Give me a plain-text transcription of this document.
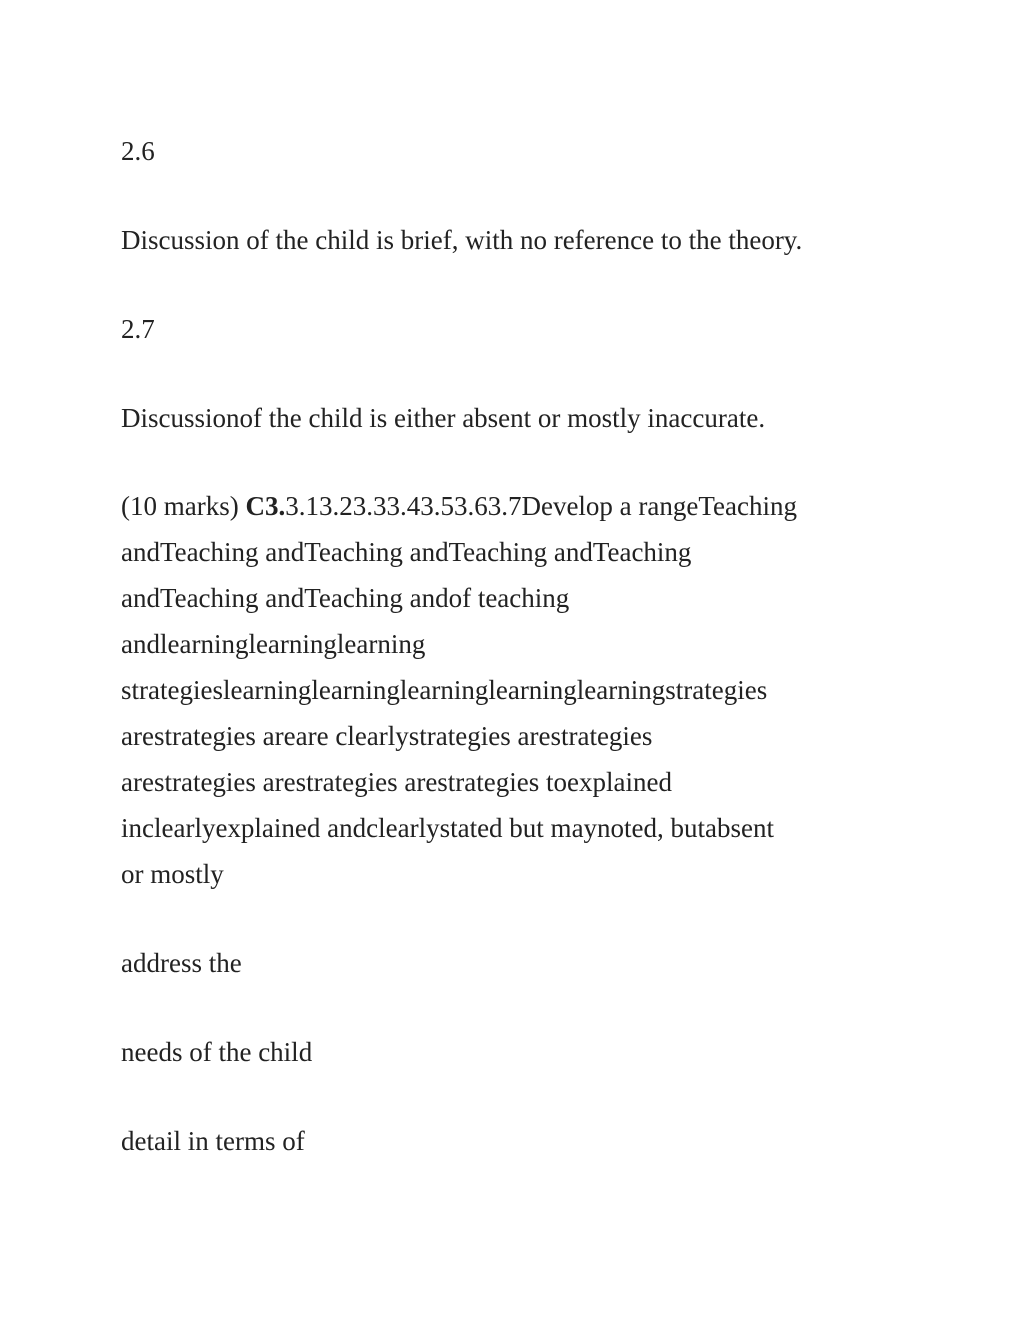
2.6

Discussion of the child is brief, with no reference to the theory.

2.7

Discussionof the child is either absent or mostly inaccurate.

(10 marks) C3.3.13.23.33.43.53.63.7Develop a rangeTeaching
andTeaching andTeaching andTeaching andTeaching
andTeaching andTeaching andof teaching
andlearninglearninglearning
strategieslearninglearninglearninglearninglearningstrategies
arestrategies areare clearlystrategies arestrategies
arestrategies arestrategies arestrategies toexplained
inclearlyexplained andclearlystated but maynoted, butabsent
or mostly

address the

needs of the child

detail in terms of
